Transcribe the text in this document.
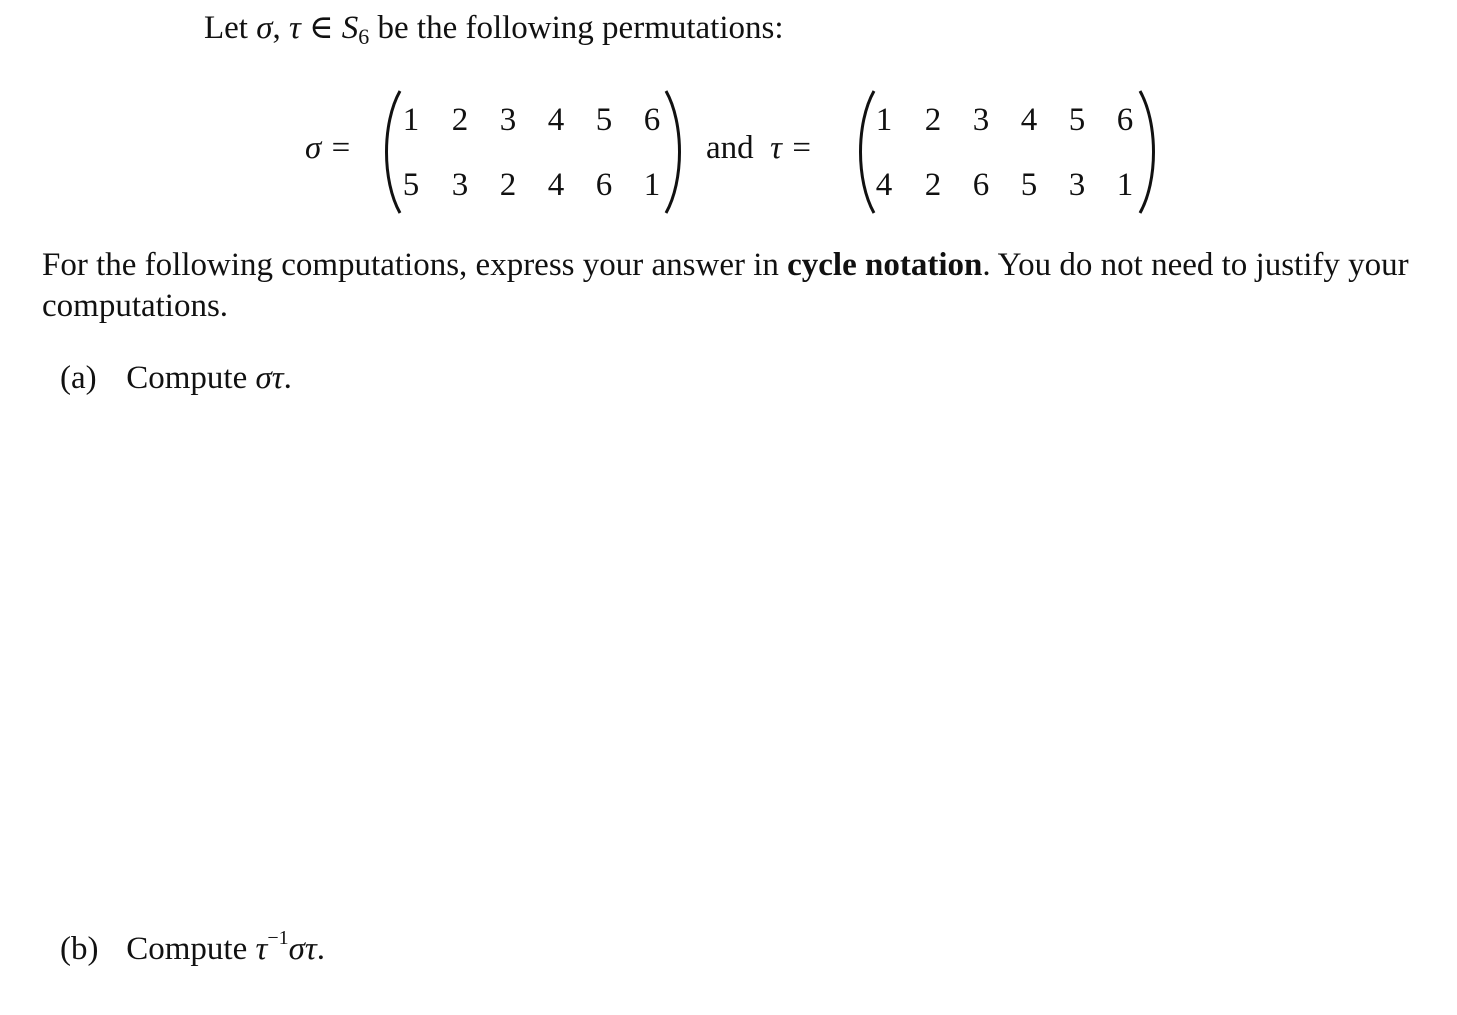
Let σ, τ ∈ $S_6$ be the following permutations:
σ =
1 2 3 4 5 6
5 3 2 4 6 1
and τ =
1 2 3 4 5 6
4 2 6 5 3 1
For the following computations, express your answer in cycle notation. You do not need to justify your computations.
(a) Compute στ.
(b) Compute $\tau^{-1}\sigma\tau$.
